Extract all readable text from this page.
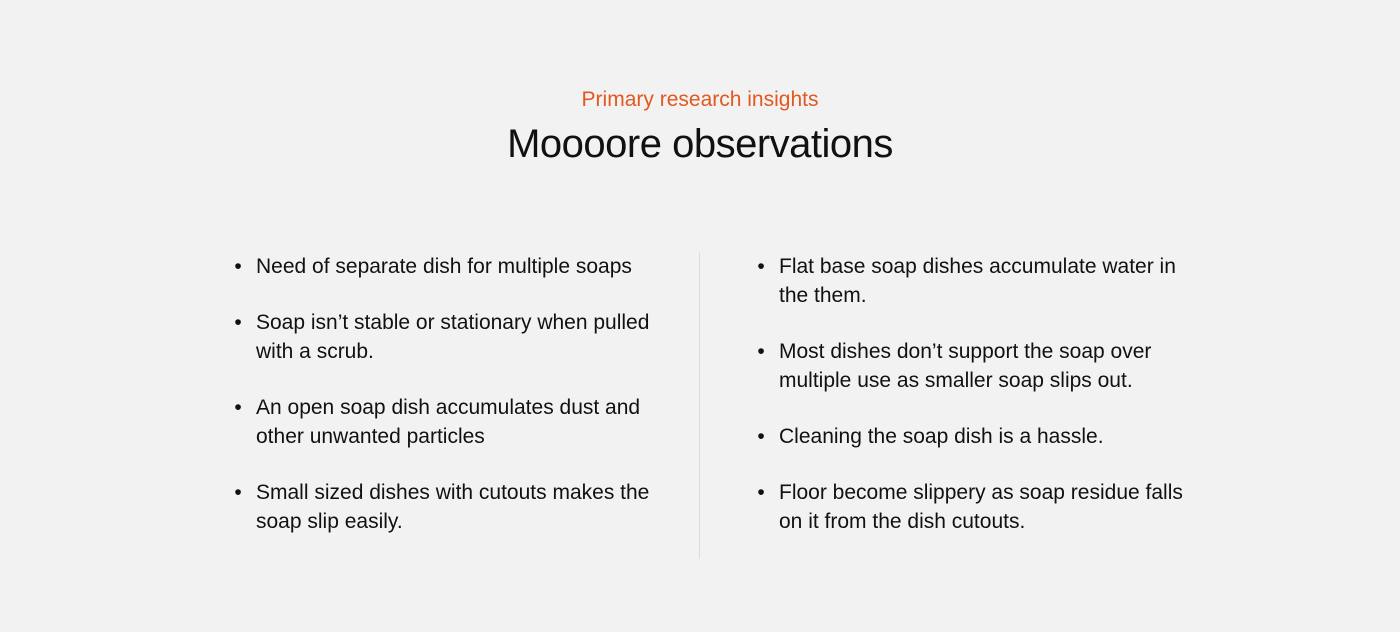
Primary research insights

Moooore observations
• Need of separate dish for multiple soaps
• Soap isn’t stable or stationary when pulled with a scrub.
• An open soap dish accumulates dust and other unwanted particles
• Small sized dishes with cutouts makes the soap slip easily.
• Flat base soap dishes accumulate water in the them.
• Most dishes don’t support the soap over multiple use as smaller soap slips out.
• Cleaning the soap dish is a hassle.
• Floor become slippery as soap residue falls on it from the dish cutouts.
